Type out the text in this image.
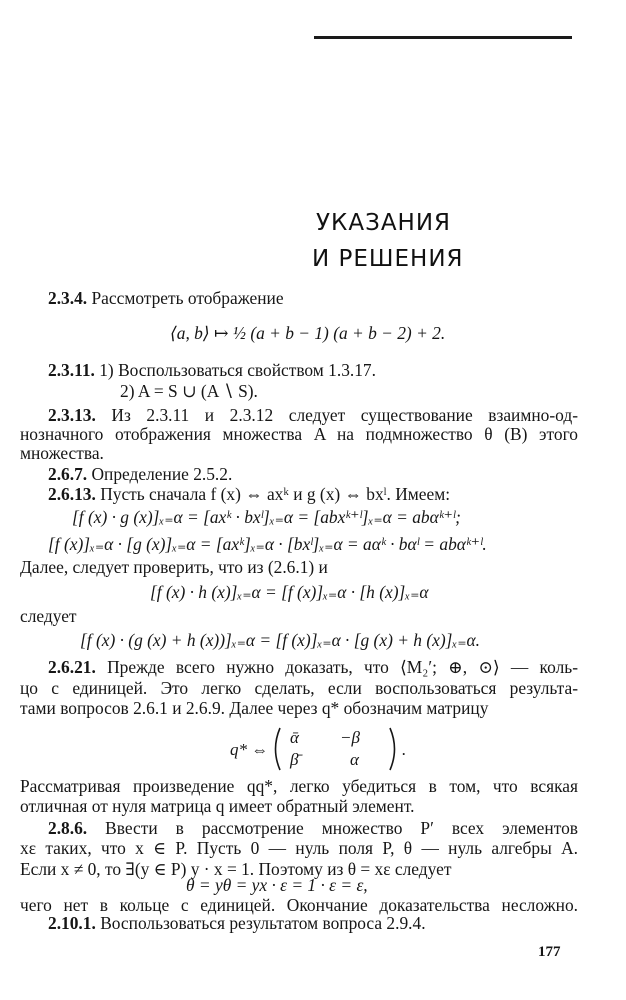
УКАЗАНИЯ
И РЕШЕНИЯ
2.3.4. Рассмотреть отображение
⟨a, b⟩ ↦ ½ (a + b − 1) (a + b − 2) + 2.
2.3.11. 1) Воспользоваться свойством 1.3.17.
2) A = S ∪ (A ∖ S).
2.3.13. Из 2.3.11 и 2.3.12 следует существование взаимно-од-
нозначного отображения множества A на подмножество θ (B) этого
множества.
2.6.7. Определение 2.5.2.
2.6.13. Пусть сначала f (x) ⇔ axᵏ и g (x) ⇔ bxˡ. Имеем:
[f (x) · g (x)]ₓ₌α = [axᵏ · bxˡ]ₓ₌α = [abxᵏ⁺ˡ]ₓ₌α = abαᵏ⁺ˡ;
[f (x)]ₓ₌α · [g (x)]ₓ₌α = [axᵏ]ₓ₌α · [bxˡ]ₓ₌α = aαᵏ · bαˡ = abαᵏ⁺ˡ.
Далее, следует проверить, что из (2.6.1) и
[f (x) · h (x)]ₓ₌α = [f (x)]ₓ₌α · [h (x)]ₓ₌α
следует
[f (x) · (g (x) + h (x))]ₓ₌α = [f (x)]ₓ₌α · [g (x) + h (x)]ₓ₌α.
2.6.21. Прежде всего нужно доказать, что ⟨M₂′; ⊕, ⊙⟩ — коль-
цо с единицей. Это легко сделать, если воспользоваться результа-
тами вопросов 2.6.1 и 2.6.9. Далее через q* обозначим матрицу
q* ⇔
ᾱ −β
β̄	α
.
Рассматривая произведение qq*, легко убедиться в том, что всякая
отличная от нуля матрица q имеет обратный элемент.
2.8.6. Ввести в рассмотрение множество P′ всех элементов
xε таких, что x ∈ P. Пусть 0 — нуль поля P, θ — нуль алгебры A.
Если x ≠ 0, то ∃(y ∈ P) y · x = 1. Поэтому из θ = xε следует
θ = yθ = yx · ε = 1 · ε = ε,
чего нет в кольце с единицей. Окончание доказательства несложно.
2.10.1. Воспользоваться результатом вопроса 2.9.4.
177
